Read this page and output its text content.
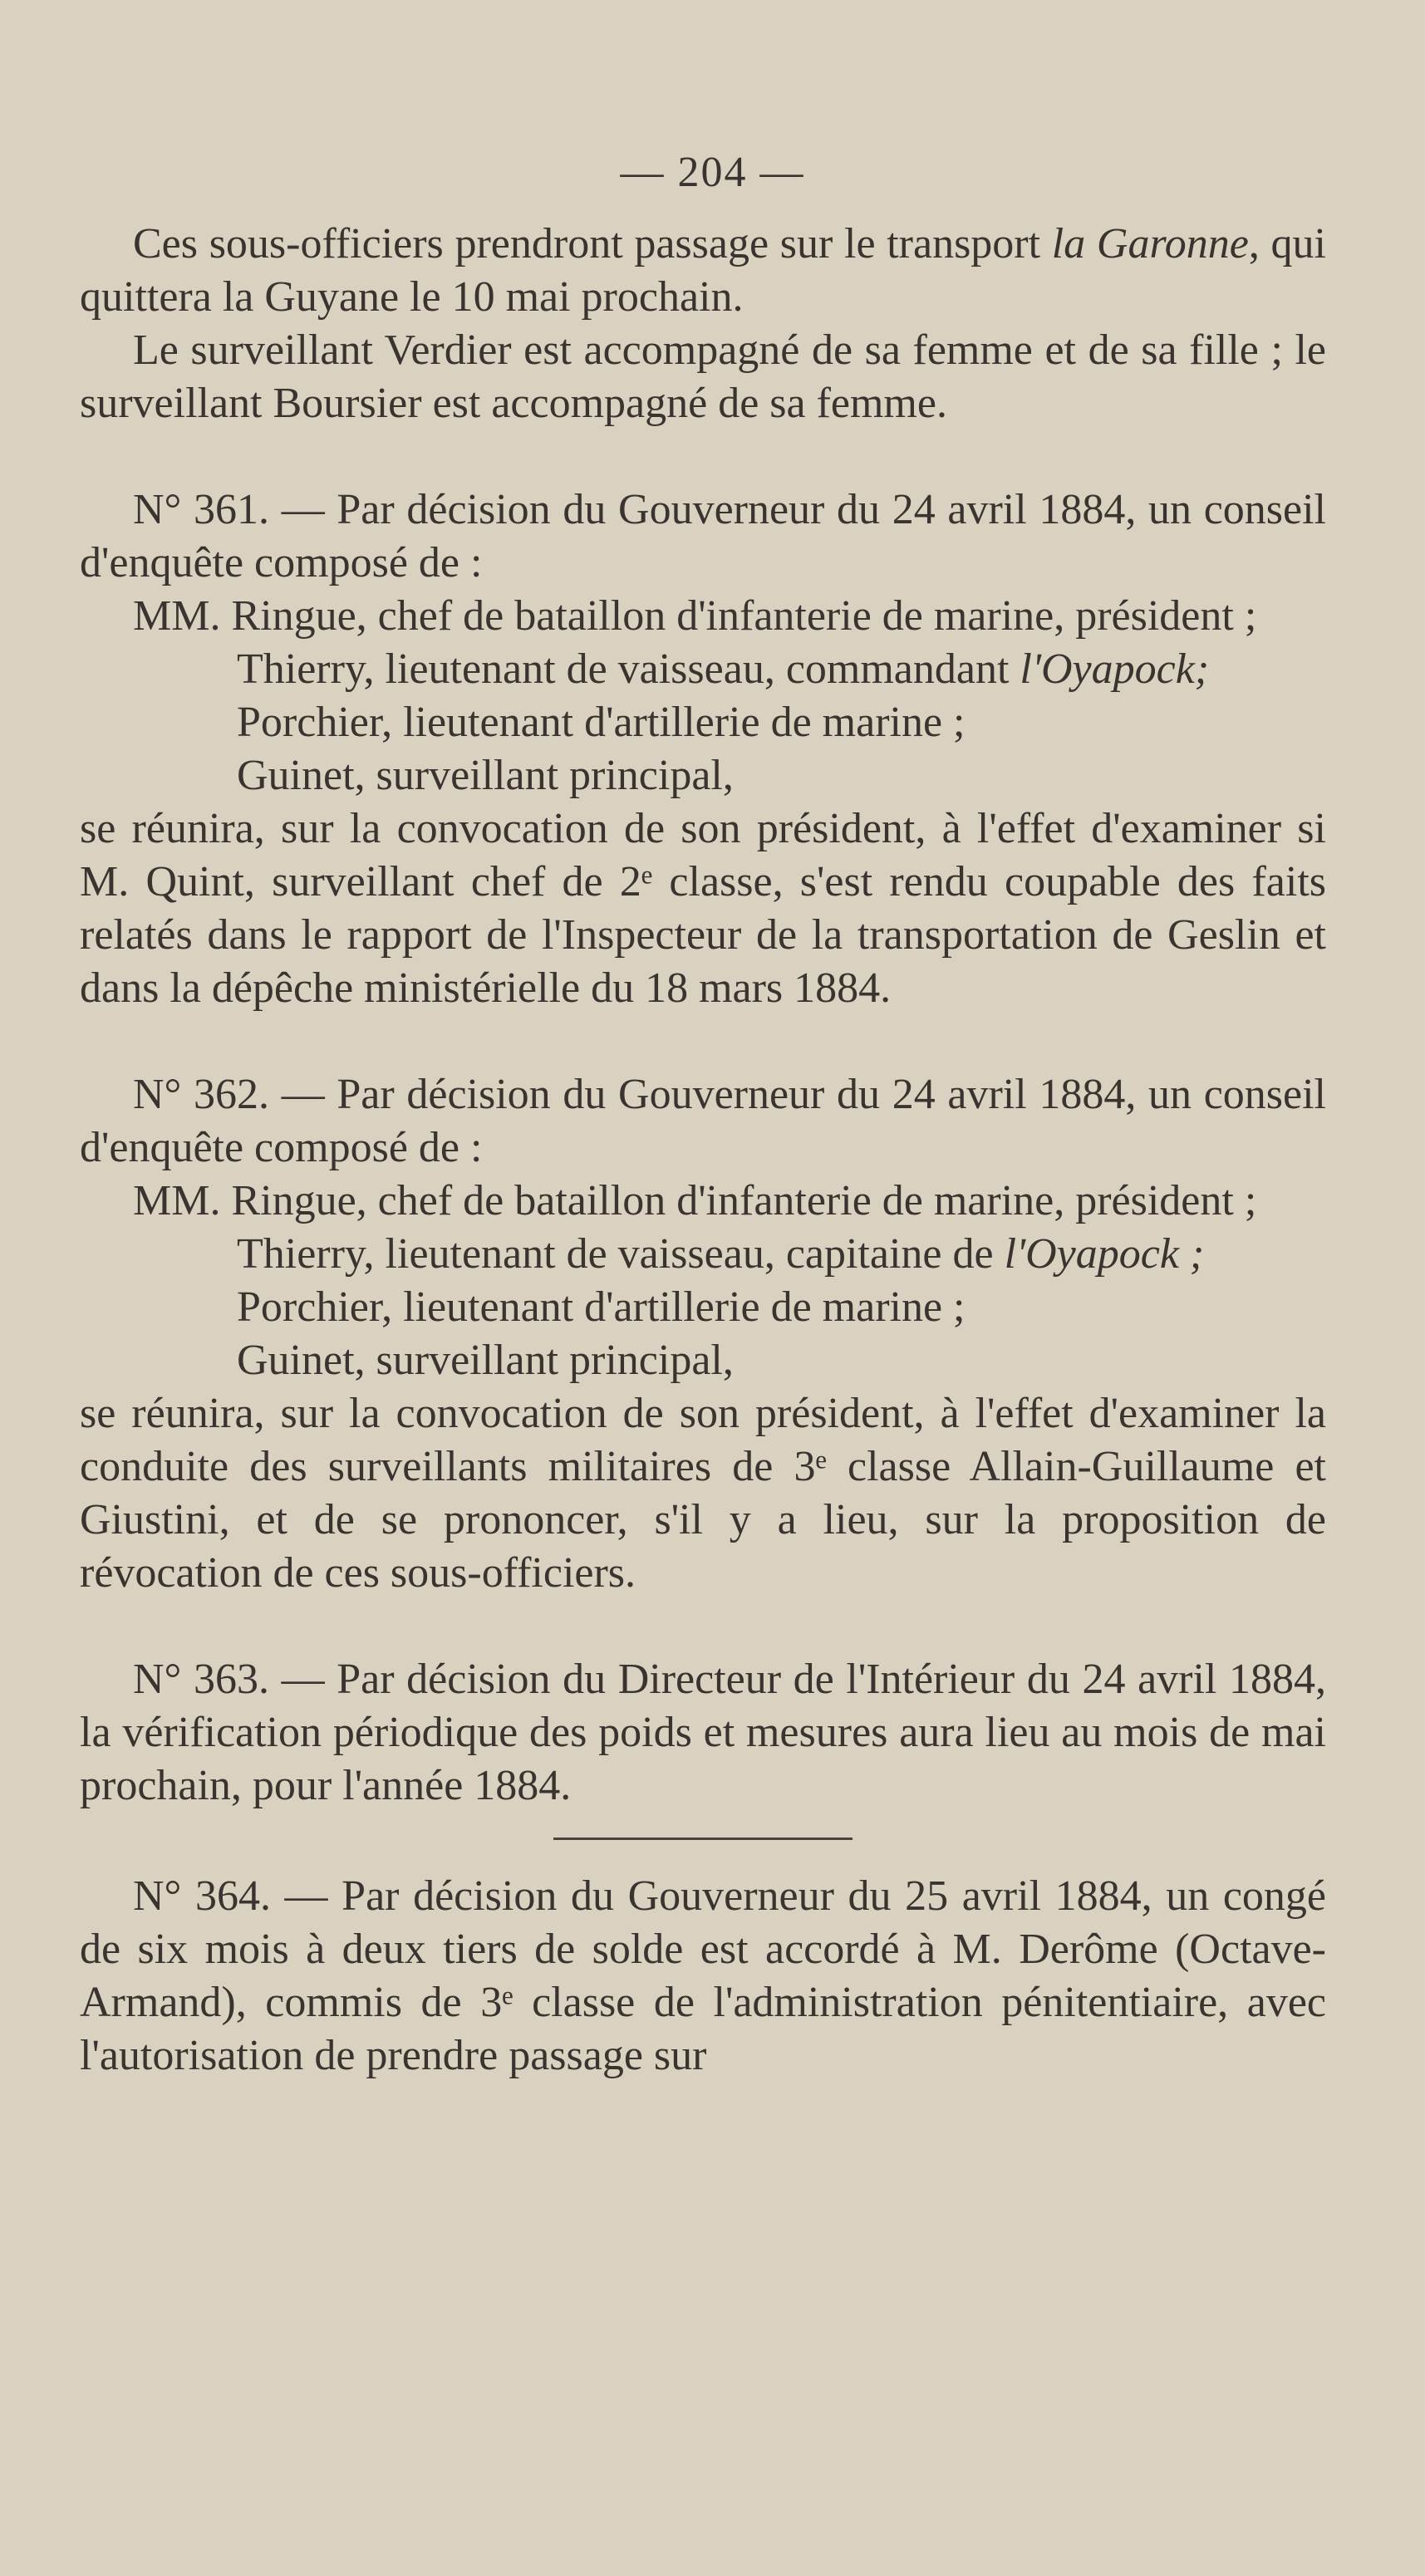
— 204 —

Ces sous-officiers prendront passage sur le transport la Garonne, qui quittera la Guyane le 10 mai prochain.

Le surveillant Verdier est accompagné de sa femme et de sa fille ; le surveillant Boursier est accompagné de sa femme.

N° 361. — Par décision du Gouverneur du 24 avril 1884, un conseil d'enquête composé de :

MM. Ringue, chef de bataillon d'infanterie de marine, président ;

Thierry, lieutenant de vaisseau, commandant l'Oyapock;

Porchier, lieutenant d'artillerie de marine ;

Guinet, surveillant principal,

se réunira, sur la convocation de son président, à l'effet d'examiner si M. Quint, surveillant chef de 2ᵉ classe, s'est rendu coupable des faits relatés dans le rapport de l'Inspecteur de la transportation de Geslin et dans la dépêche ministérielle du 18 mars 1884.

N° 362. — Par décision du Gouverneur du 24 avril 1884, un conseil d'enquête composé de :

MM. Ringue, chef de bataillon d'infanterie de marine, président ;

Thierry, lieutenant de vaisseau, capitaine de l'Oyapock ;

Porchier, lieutenant d'artillerie de marine ;

Guinet, surveillant principal,

se réunira, sur la convocation de son président, à l'effet d'examiner la conduite des surveillants militaires de 3ᵉ classe Allain-Guillaume et Giustini, et de se prononcer, s'il y a lieu, sur la proposition de révocation de ces sous-officiers.

N° 363. — Par décision du Directeur de l'Intérieur du 24 avril 1884, la vérification périodique des poids et mesures aura lieu au mois de mai prochain, pour l'année 1884.

N° 364. — Par décision du Gouverneur du 25 avril 1884, un congé de six mois à deux tiers de solde est accordé à M. Derôme (Octave-Armand), commis de 3ᵉ classe de l'administration pénitentiaire, avec l'autorisation de prendre passage sur
